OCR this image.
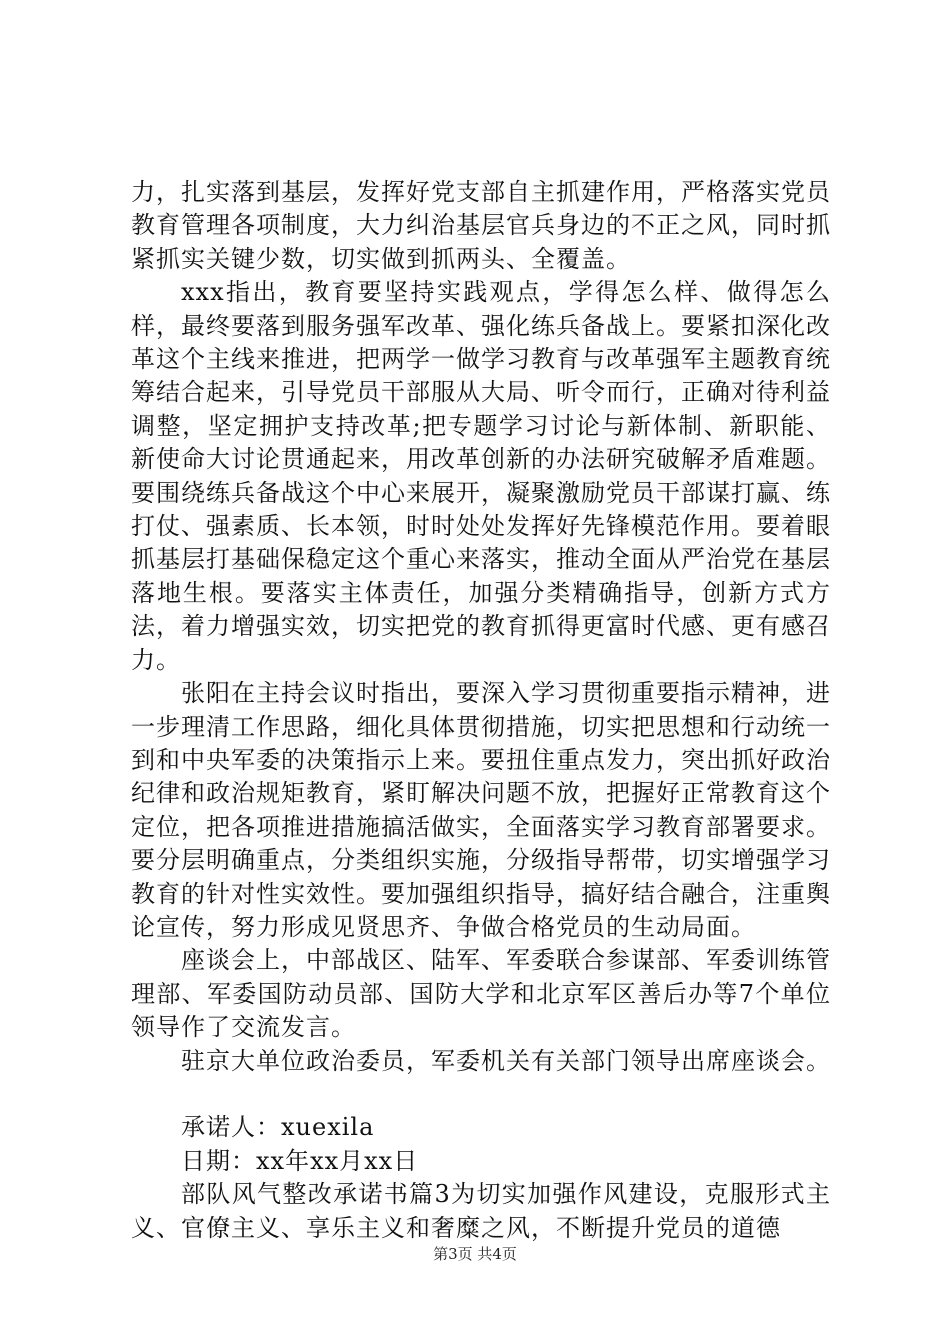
力，扎实落到基层，发挥好党支部自主抓建作用，严格落实党员教育管理各项制度，大力纠治基层官兵身边的不正之风，同时抓紧抓实关键少数，切实做到抓两头、全覆盖。

xxx指出，教育要坚持实践观点，学得怎么样、做得怎么样，最终要落到服务强军改革、强化练兵备战上。要紧扣深化改革这个主线来推进，把两学一做学习教育与改革强军主题教育统筹结合起来，引导党员干部服从大局、听令而行，正确对待利益调整，坚定拥护支持改革;把专题学习讨论与新体制、新职能、新使命大讨论贯通起来，用改革创新的办法研究破解矛盾难题。要围绕练兵备战这个中心来展开，凝聚激励党员干部谋打赢、练打仗、强素质、长本领，时时处处发挥好先锋模范作用。要着眼抓基层打基础保稳定这个重心来落实，推动全面从严治党在基层落地生根。要落实主体责任，加强分类精确指导，创新方式方法，着力增强实效，切实把党的教育抓得更富时代感、更有感召力。

张阳在主持会议时指出，要深入学习贯彻重要指示精神，进一步理清工作思路，细化具体贯彻措施，切实把思想和行动统一到和中央军委的决策指示上来。要扭住重点发力，突出抓好政治纪律和政治规矩教育，紧盯解决问题不放，把握好正常教育这个定位，把各项推进措施搞活做实，全面落实学习教育部署要求。要分层明确重点，分类组织实施，分级指导帮带，切实增强学习教育的针对性实效性。要加强组织指导，搞好结合融合，注重舆论宣传，努力形成见贤思齐、争做合格党员的生动局面。

座谈会上，中部战区、陆军、军委联合参谋部、军委训练管理部、军委国防动员部、国防大学和北京军区善后办等7个单位领导作了交流发言。

驻京大单位政治委员，军委机关有关部门领导出席座谈会。

承诺人：xuexila

日期：xx年xx月xx日

部队风气整改承诺书篇3为切实加强作风建设，克服形式主义、官僚主义、享乐主义和奢糜之风，不断提升党员的道德

第3页 共4页
